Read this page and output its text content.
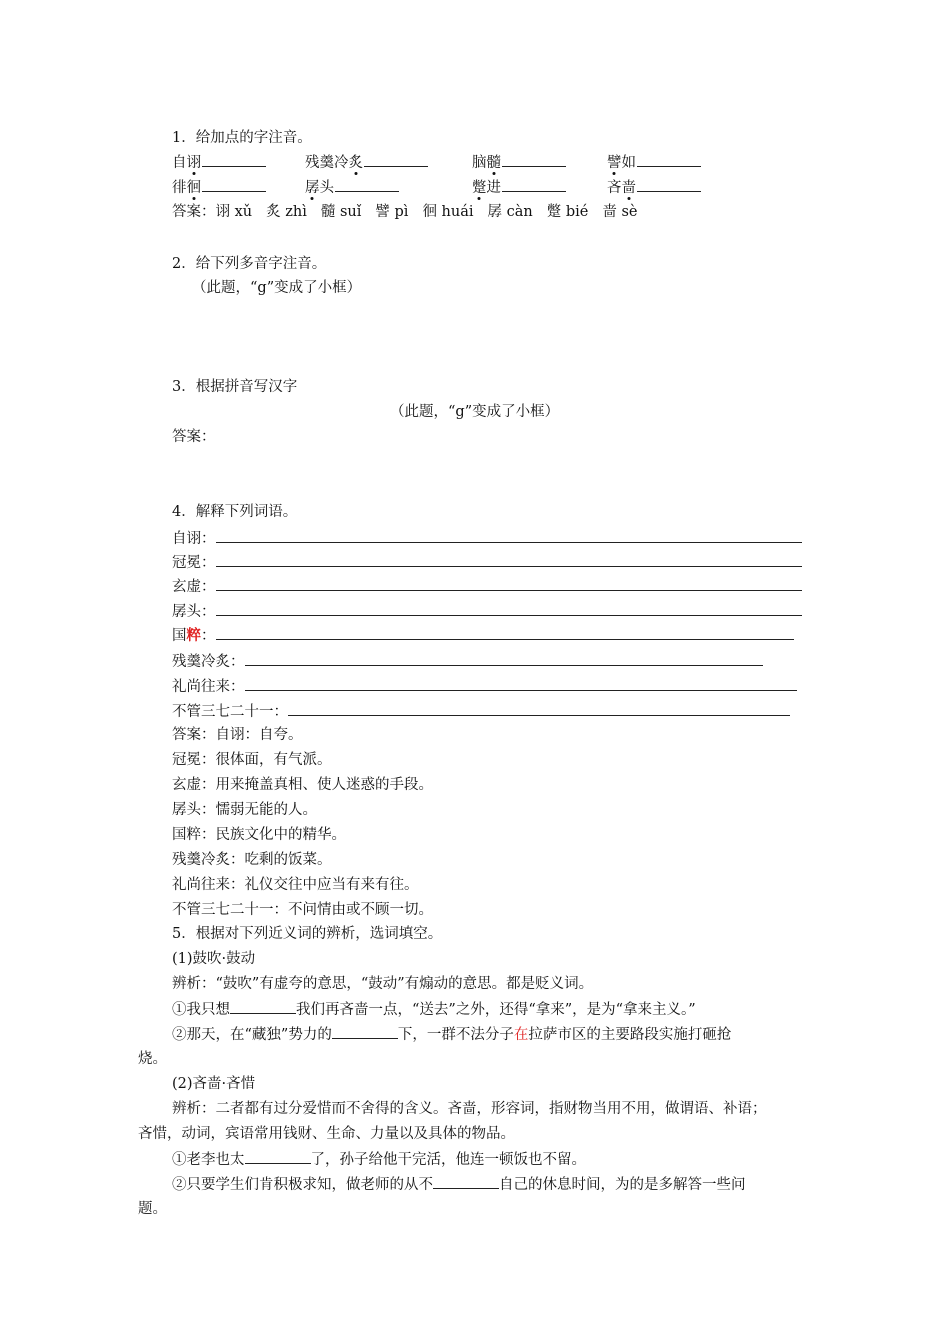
1．给加点的字注音。
自诩	残羹冷炙	脑髓	譬如
徘徊	孱头	蹩进	吝啬
答案：诩 xǔ 炙 zhì 髓 suǐ 譬 pì 徊 huái 孱 càn 蹩 bié 啬 sè
2．给下列多音字注音。
（此题，“g”变成了小框）
3．根据拼音写汉字
（此题，“g”变成了小框）
答案：
4．解释下列词语。
自诩：
冠冕：
玄虚：
孱头：
国粹：
残羹冷炙：
礼尚往来：
不管三七二十一：
答案：自诩：自夸。
冠冕：很体面，有气派。
玄虚：用来掩盖真相、使人迷惑的手段。
孱头：懦弱无能的人。
国粹：民族文化中的精华。
残羹冷炙：吃剩的饭菜。
礼尚往来：礼仪交往中应当有来有往。
不管三七二十一：不问情由或不顾一切。
5．根据对下列近义词的辨析，选词填空。
(1)鼓吹·鼓动
辨析：“鼓吹”有虚夸的意思，“鼓动”有煽动的意思。都是贬义词。
①我只想	我们再吝啬一点，“送去”之外，还得“拿来”，是为“拿来主义。”
②那天，在“藏独”势力的	下，一群不法分子在拉萨市区的主要路段实施打砸抢
烧。
(2)吝啬·吝惜
辨析：二者都有过分爱惜而不舍得的含义。吝啬，形容词，指财物当用不用，做谓语、补语；
吝惜，动词，宾语常用钱财、生命、力量以及具体的物品。
①老李也太	了，孙子给他干完活，他连一顿饭也不留。
②只要学生们肯积极求知，做老师的从不	自己的休息时间，为的是多解答一些问
题。
